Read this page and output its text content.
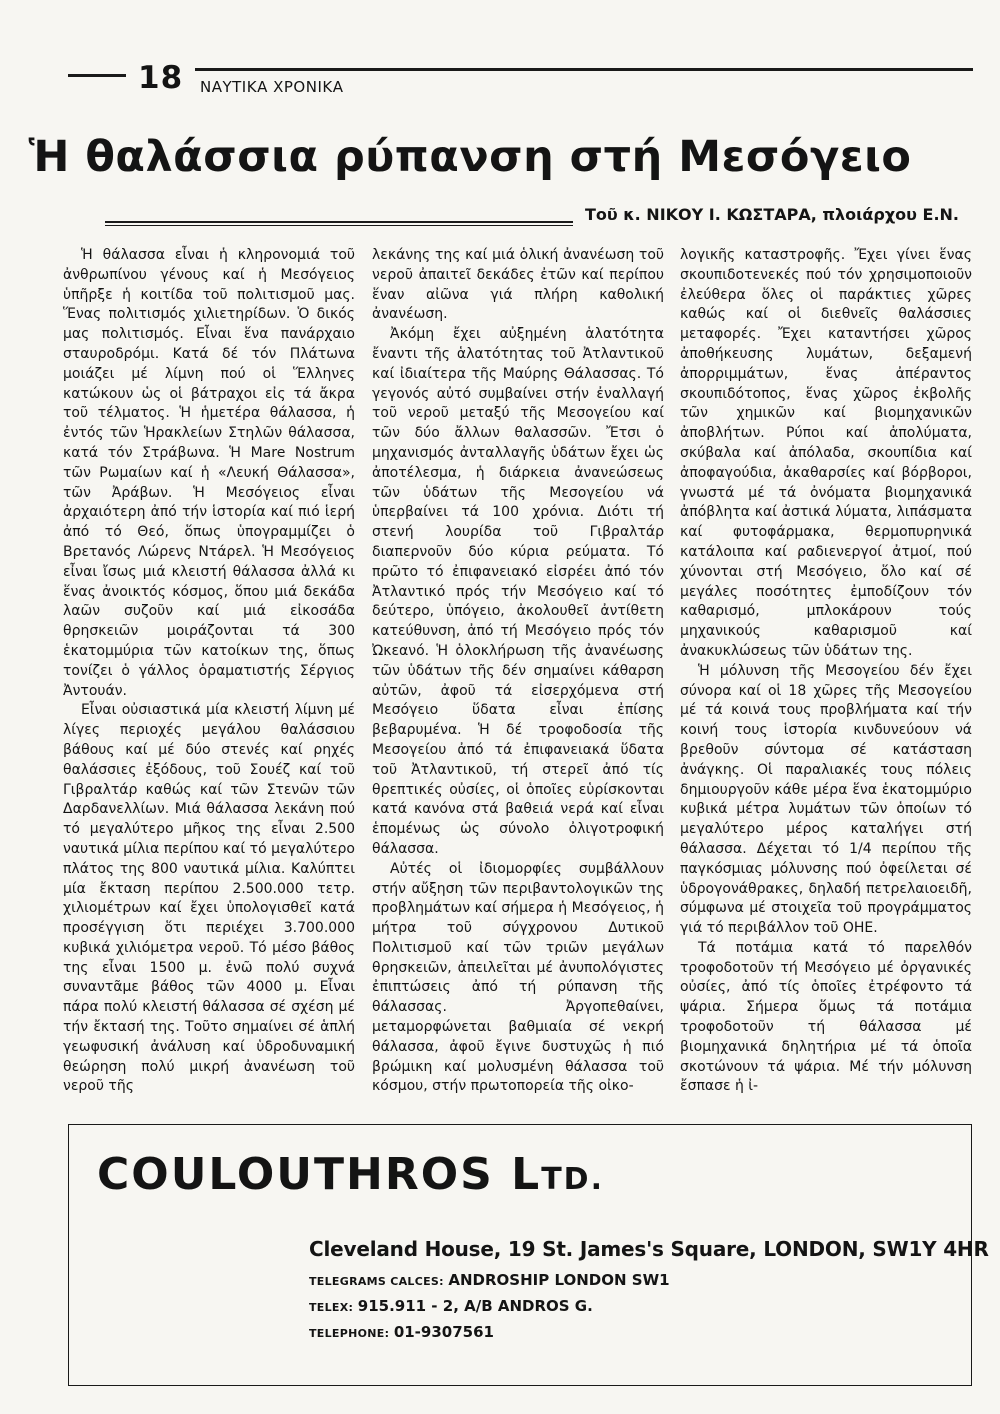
18 ΝΑΥΤΙΚΑ ΧΡΟΝΙΚΑ
Ἡ θαλάσσια ρύπανση στή Μεσόγειο
Τοῦ κ. ΝΙΚΟΥ Ι. ΚΩΣΤΑΡΑ, πλοιάρχου Ε.Ν.

Ἡ θάλασσα εἶναι ἡ κληρονομιά τοῦ ἀνθρωπίνου γένους καί ἡ Μεσόγειος ὑπῆρξε ἡ κοιτίδα τοῦ πολιτισμοῦ μας. Ἕνας πολιτισμός χιλιετηρίδων. Ὁ δικός μας πολιτισμός. Εἶναι ἕνα πανάρχαιο σταυροδρόμι. Κατά δέ τόν Πλάτωνα μοιάζει μέ λίμνη πού οἱ Ἕλληνες κατώκουν ὡς οἱ βάτραχοι εἰς τά ἄκρα τοῦ τέλματος. Ἡ ἡμετέρα θάλασσα, ἡ ἐντός τῶν Ἡρακλείων Στηλῶν θάλασσα, κατά τόν Στράβωνα. Ἡ Mare Nostrum τῶν Ρωμαίων καί ἡ «Λευκή Θάλασσα», τῶν Ἀράβων. Ἡ Μεσόγειος εἶναι ἀρχαιότερη ἀπό τήν ἱστορία καί πιό ἱερή ἀπό τό Θεό, ὅπως ὑπογραμμίζει ὁ Βρετανός Λώρενς Ντάρελ. Ἡ Μεσόγειος εἶναι ἴσως μιά κλειστή θάλασσα ἀλλά κι ἕνας ἀνοικτός κόσμος, ὅπου μιά δεκάδα λαῶν συζοῦν καί μιά εἰκοσάδα θρησκειῶν μοιράζονται τά 300 ἑκατομμύρια τῶν κατοίκων της, ὅπως τονίζει ὁ γάλλος ὁραματιστής Σέργιος Ἀντουάν.

Εἶναι οὐσιαστικά μία κλειστή λίμνη μέ λίγες περιοχές μεγάλου θαλάσσιου βάθους καί μέ δύο στενές καί ρηχές θαλάσσιες ἐξόδους, τοῦ Σουέζ καί τοῦ Γιβραλτάρ καθώς καί τῶν Στενῶν τῶν Δαρδανελλίων. Μιά θάλασσα λεκάνη πού τό μεγαλύτερο μῆκος της εἶναι 2.500 ναυτικά μίλια περίπου καί τό μεγαλύτερο πλάτος της 800 ναυτικά μίλια. Καλύπτει μία ἔκταση περίπου 2.500.000 τετρ. χιλιομέτρων καί ἔχει ὑπολογισθεῖ κατά προσέγγιση ὅτι περιέχει 3.700.000 κυβικά χιλιόμετρα νεροῦ. Τό μέσο βάθος της εἶναι 1500 μ. ἐνῶ πολύ συχνά συναντᾶμε βάθος τῶν 4000 μ. Εἶναι πάρα πολύ κλειστή θάλασσα σέ σχέση μέ τήν ἔκτασή της. Τοῦτο σημαίνει σέ ἁπλή γεωφυσική ἀνάλυση καί ὑδροδυναμική θεώρηση πολύ μικρή ἀνανέωση τοῦ νεροῦ τῆς

λεκάνης της καί μιά ὁλική ἀνανέωση τοῦ νεροῦ ἀπαιτεῖ δεκάδες ἐτῶν καί περίπου ἕναν αἰῶνα γιά πλήρη καθολική ἀνανέωση.

Ἀκόμη ἔχει αὐξημένη ἁλατότητα ἔναντι τῆς ἁλατότητας τοῦ Ἀτλαντικοῦ καί ἰδιαίτερα τῆς Μαύρης Θάλασσας. Τό γεγονός αὐτό συμβαίνει στήν ἐναλλαγή τοῦ νεροῦ μεταξύ τῆς Μεσογείου καί τῶν δύο ἄλλων θαλασσῶν. Ἔτσι ὁ μηχανισμός ἀνταλλαγῆς ὑδάτων ἔχει ὡς ἀποτέλεσμα, ἡ διάρκεια ἀνανεώσεως τῶν ὑδάτων τῆς Μεσογείου νά ὑπερβαίνει τά 100 χρόνια. Διότι τή στενή λουρίδα τοῦ Γιβραλτάρ διαπερνοῦν δύο κύρια ρεύματα. Τό πρῶτο τό ἐπιφανειακό εἰσρέει ἀπό τόν Ἀτλαντικό πρός τήν Μεσόγειο καί τό δεύτερο, ὑπόγειο, ἀκολουθεῖ ἀντίθετη κατεύθυνση, ἀπό τή Μεσόγειο πρός τόν Ὠκεανό. Ἡ ὁλοκλήρωση τῆς ἀνανέωσης τῶν ὑδάτων τῆς δέν σημαίνει κάθαρση αὐτῶν, ἀφοῦ τά εἰσερχόμενα στή Μεσόγειο ὕδατα εἶναι ἐπίσης βεβαρυμένα. Ἡ δέ τροφοδοσία τῆς Μεσογείου ἀπό τά ἐπιφανειακά ὕδατα τοῦ Ἀτλαντικοῦ, τή στερεῖ ἀπό τίς θρεπτικές οὐσίες, οἱ ὁποῖες εὑρίσκονται κατά κανόνα στά βαθειά νερά καί εἶναι ἑπομένως ὡς σύνολο ὀλιγοτροφική θάλασσα.

Αὐτές οἱ ἰδιομορφίες συμβάλλουν στήν αὔξηση τῶν περιβαντολογικῶν της προβλημάτων καί σήμερα ἡ Μεσόγειος, ἡ μήτρα τοῦ σύγχρονου Δυτικοῦ Πολιτισμοῦ καί τῶν τριῶν μεγάλων θρησκειῶν, ἀπειλεῖται μέ ἀνυπολόγιστες ἐπιπτώσεις ἀπό τή ρύπανση τῆς θάλασσας. Ἀργοπεθαίνει, μεταμορφώνεται βαθμιαία σέ νεκρή θάλασσα, ἀφοῦ ἔγινε δυστυχῶς ἡ πιό βρώμικη καί μολυσμένη θάλασσα τοῦ κόσμου, στήν πρωτοπορεία τῆς οἰκο-

λογικῆς καταστροφῆς. Ἔχει γίνει ἕνας σκουπιδοτενεκές πού τόν χρησιμοποιοῦν ἐλεύθερα ὅλες οἱ παράκτιες χῶρες καθώς καί οἱ διεθνεῖς θαλάσσιες μεταφορές. Ἔχει καταντήσει χῶρος ἀποθήκευσης λυμάτων, δεξαμενή ἀπορριμμάτων, ἕνας ἀπέραντος σκουπιδότοπος, ἕνας χῶρος ἐκβολῆς τῶν χημικῶν καί βιομηχανικῶν ἀποβλήτων. Ρύποι καί ἀπολύματα, σκύβαλα καί ἀπόλαδα, σκουπίδια καί ἀποφαγούδια, ἀκαθαρσίες καί βόρβοροι, γνωστά μέ τά ὀνόματα βιομηχανικά ἀπόβλητα καί ἀστικά λύματα, λιπάσματα καί φυτοφάρμακα, θερμοπυρηνικά κατάλοιπα καί ραδιενεργοί ἀτμοί, πού χύνονται στή Μεσόγειο, ὅλο καί σέ μεγάλες ποσότητες ἐμποδίζουν τόν καθαρισμό, μπλοκάρουν τούς μηχανικούς καθαρισμοῦ καί ἀνακυκλώσεως τῶν ὑδάτων της.

Ἡ μόλυνση τῆς Μεσογείου δέν ἔχει σύνορα καί οἱ 18 χῶρες τῆς Μεσογείου μέ τά κοινά τους προβλήματα καί τήν κοινή τους ἱστορία κινδυνεύουν νά βρεθοῦν σύντομα σέ κατάσταση ἀνάγκης. Οἱ παραλιακές τους πόλεις δημιουργοῦν κάθε μέρα ἕνα ἑκατομμύριο κυβικά μέτρα λυμάτων τῶν ὁποίων τό μεγαλύτερο μέρος καταλήγει στή θάλασσα. Δέχεται τό 1/4 περίπου τῆς παγκόσμιας μόλυνσης πού ὀφείλεται σέ ὑδρογονάθρακες, δηλαδή πετρελαιοειδῆ, σύμφωνα μέ στοιχεῖα τοῦ προγράμματος γιά τό περιβάλλον τοῦ ΟΗΕ.

Τά ποτάμια κατά τό παρελθόν τροφοδοτοῦν τή Μεσόγειο μέ ὀργανικές οὐσίες, ἀπό τίς ὁποῖες ἐτρέφοντο τά ψάρια. Σήμερα ὅμως τά ποτάμια τροφοδοτοῦν τή θάλασσα μέ βιομηχανικά δηλητήρια μέ τά ὁποῖα σκοτώνουν τά ψάρια. Μέ τήν μόλυνση ἔσπασε ἡ ἰ-

COULOUTHROS LTD.
Cleveland House, 19 St. James's Square, LONDON, SW1Y 4HR
TELEGRAMS CALCES: ANDROSHIP LONDON SW1
TELEX: 915.911 - 2, A/B ANDROS G.
TELEPHONE: 01-9307561
